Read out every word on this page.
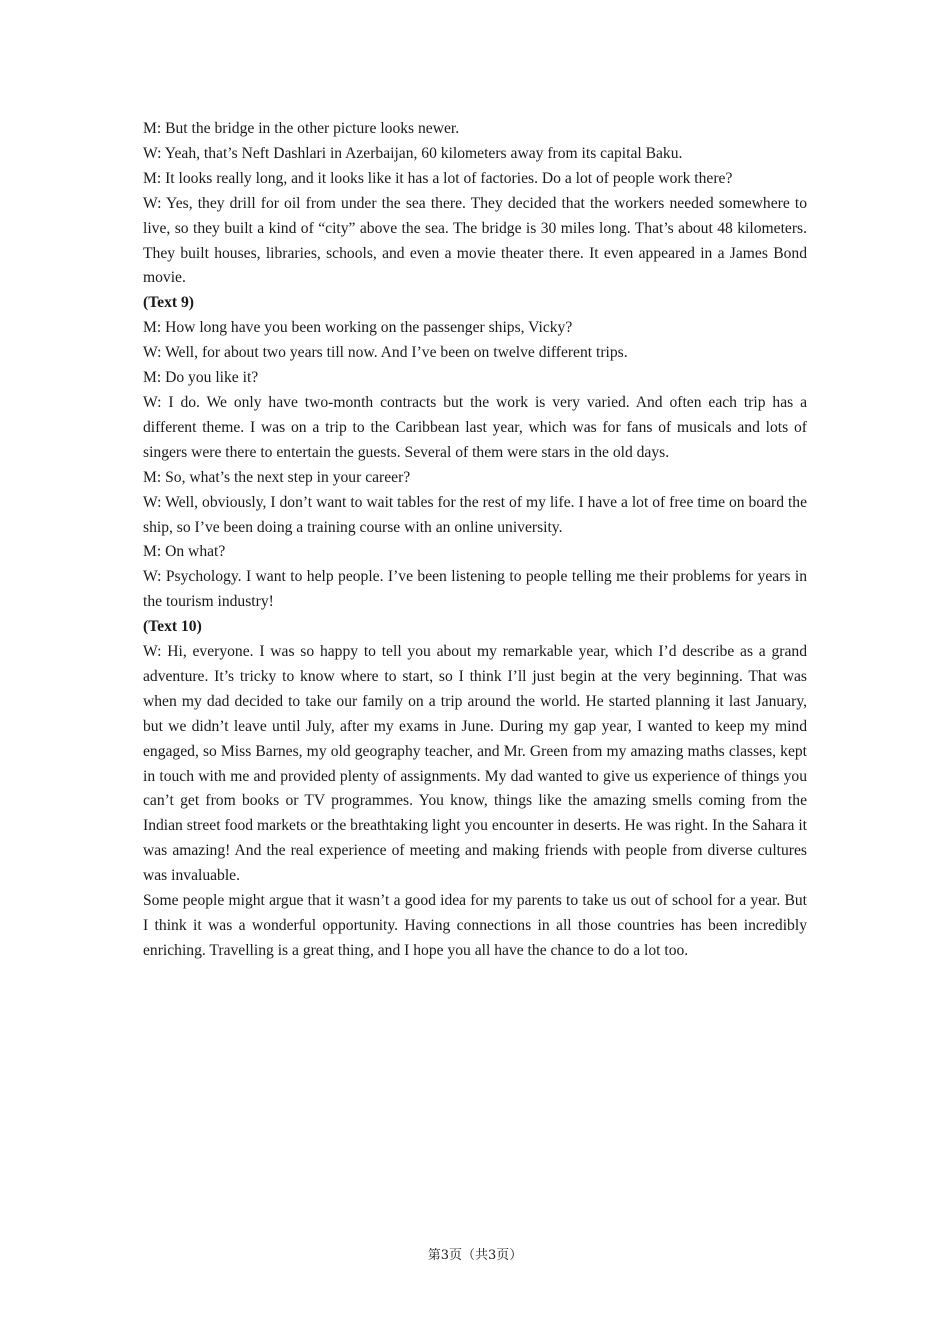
M: But the bridge in the other picture looks newer.

W: Yeah, that’s Neft Dashlari in Azerbaijan, 60 kilometers away from its capital Baku.

M: It looks really long, and it looks like it has a lot of factories. Do a lot of people work there?

W: Yes, they drill for oil from under the sea there. They decided that the workers needed somewhere to live, so they built a kind of “city” above the sea. The bridge is 30 miles long. That’s about 48 kilometers. They built houses, libraries, schools, and even a movie theater there. It even appeared in a James Bond movie.

(Text 9)

M: How long have you been working on the passenger ships, Vicky?

W: Well, for about two years till now. And I’ve been on twelve different trips.

M: Do you like it?

W: I do. We only have two-month contracts but the work is very varied. And often each trip has a different theme. I was on a trip to the Caribbean last year, which was for fans of musicals and lots of singers were there to entertain the guests. Several of them were stars in the old days.

M: So, what’s the next step in your career?

W: Well, obviously, I don’t want to wait tables for the rest of my life. I have a lot of free time on board the ship, so I’ve been doing a training course with an online university.

M: On what?

W: Psychology. I want to help people. I’ve been listening to people telling me their problems for years in the tourism industry!

(Text 10)

W: Hi, everyone. I was so happy to tell you about my remarkable year, which I’d describe as a grand adventure. It’s tricky to know where to start, so I think I’ll just begin at the very beginning. That was when my dad decided to take our family on a trip around the world. He started planning it last January, but we didn’t leave until July, after my exams in June. During my gap year, I wanted to keep my mind engaged, so Miss Barnes, my old geography teacher, and Mr. Green from my amazing maths classes, kept in touch with me and provided plenty of assignments. My dad wanted to give us experience of things you can’t get from books or TV programmes. You know, things like the amazing smells coming from the Indian street food markets or the breathtaking light you encounter in deserts. He was right. In the Sahara it was amazing! And the real experience of meeting and making friends with people from diverse cultures was invaluable.

Some people might argue that it wasn’t a good idea for my parents to take us out of school for a year. But I think it was a wonderful opportunity. Having connections in all those countries has been incredibly enriching. Travelling is a great thing, and I hope you all have the chance to do a lot too.

第3页（共3页）
